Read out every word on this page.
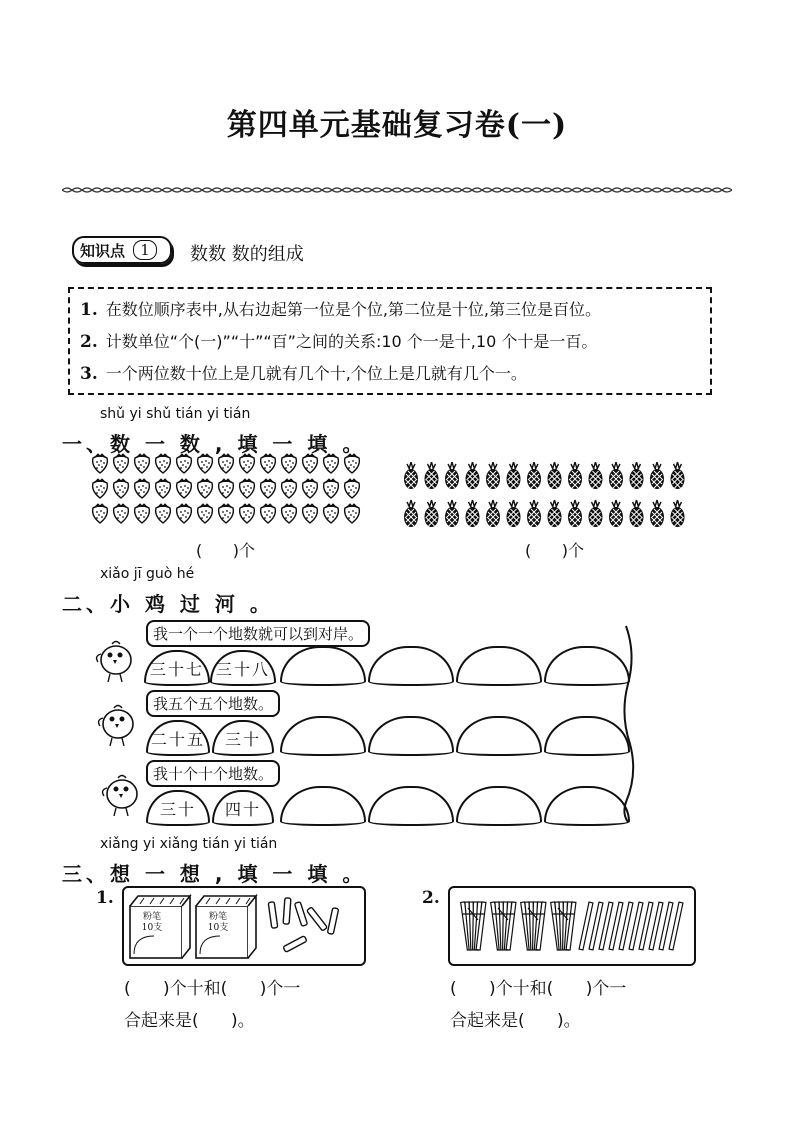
第四单元基础复习卷(一)
知识点	1	数数 数的组成
1. 在数位顺序表中,从右边起第一位是个位,第二位是十位,第三位是百位。
2. 计数单位“个(一)”“十”“百”之间的关系:10 个一是十,10 个十是一百。
3. 一个两位数十位上是几就有几个十,个位上是几就有几个一。
shǔ yi shǔ tián yi tián
一、数 一 数 , 填 一 填 。
(      )个	(      )个
xiǎo jī guò hé
二、小 鸡 过 河 。
我一个一个地数就可以到对岸。
我五个五个地数。
我十个十个地数。
三十七 三十八
二十五	三十
三十	四十
xiǎng yi xiǎng tián yi tián
三、想 一 想 , 填 一 填 。
1.
粉笔
10支
粉笔
10支
(      )个十和(      )个一
合起来是(      )。
2.
(      )个十和(      )个一
合起来是(      )。
